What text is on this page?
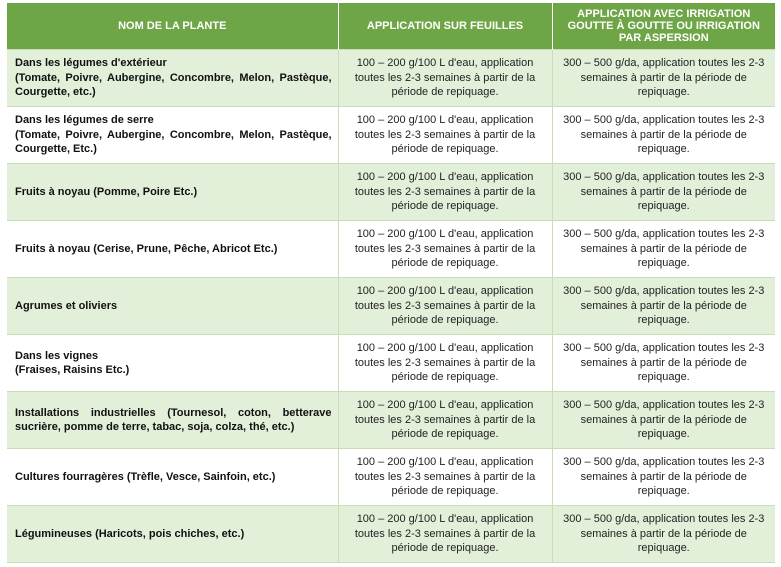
NOM DE LA PLANTE	APPLICATION SUR FEUILLES	APPLICATION AVEC IRRIGATION GOUTTE À GOUTTE OU IRRIGATION PAR ASPERSION

Dans les légumes d'extérieur
(Tomate, Poivre, Aubergine, Concombre, Melon, Pastèque, Courgette, etc.)	100 – 200 g/100 L d'eau, application toutes les 2-3 semaines à partir de la période de repiquage.	300 – 500 g/da, application toutes les 2-3 semaines à partir de la période de repiquage.

Dans les légumes de serre
(Tomate, Poivre, Aubergine, Concombre, Melon, Pastèque, Courgette, Etc.)	100 – 200 g/100 L d'eau, application toutes les 2-3 semaines à partir de la période de repiquage.	300 – 500 g/da, application toutes les 2-3 semaines à partir de la période de repiquage.
Fruits à noyau (Pomme, Poire Etc.)	100 – 200 g/100 L d'eau, application toutes les 2-3 semaines à partir de la période de repiquage.	300 – 500 g/da, application toutes les 2-3 semaines à partir de la période de repiquage.
Fruits à noyau (Cerise, Prune, Pêche, Abricot Etc.)	100 – 200 g/100 L d'eau, application toutes les 2-3 semaines à partir de la période de repiquage.	300 – 500 g/da, application toutes les 2-3 semaines à partir de la période de repiquage.
Agrumes et oliviers	100 – 200 g/100 L d'eau, application toutes les 2-3 semaines à partir de la période de repiquage.	300 – 500 g/da, application toutes les 2-3 semaines à partir de la période de repiquage.

Dans les vignes
(Fraises, Raisins Etc.)	100 – 200 g/100 L d'eau, application toutes les 2-3 semaines à partir de la période de repiquage.	300 – 500 g/da, application toutes les 2-3 semaines à partir de la période de repiquage.
Installations industrielles (Tournesol, coton, betterave sucrière, pomme de terre, tabac, soja, colza, thé, etc.)	100 – 200 g/100 L d'eau, application toutes les 2-3 semaines à partir de la période de repiquage.	300 – 500 g/da, application toutes les 2-3 semaines à partir de la période de repiquage.
Cultures fourragères (Trèfle, Vesce, Sainfoin, etc.)	100 – 200 g/100 L d'eau, application toutes les 2-3 semaines à partir de la période de repiquage.	300 – 500 g/da, application toutes les 2-3 semaines à partir de la période de repiquage.
Légumineuses (Haricots, pois chiches, etc.)	100 – 200 g/100 L d'eau, application toutes les 2-3 semaines à partir de la période de repiquage.	300 – 500 g/da, application toutes les 2-3 semaines à partir de la période de repiquage.
